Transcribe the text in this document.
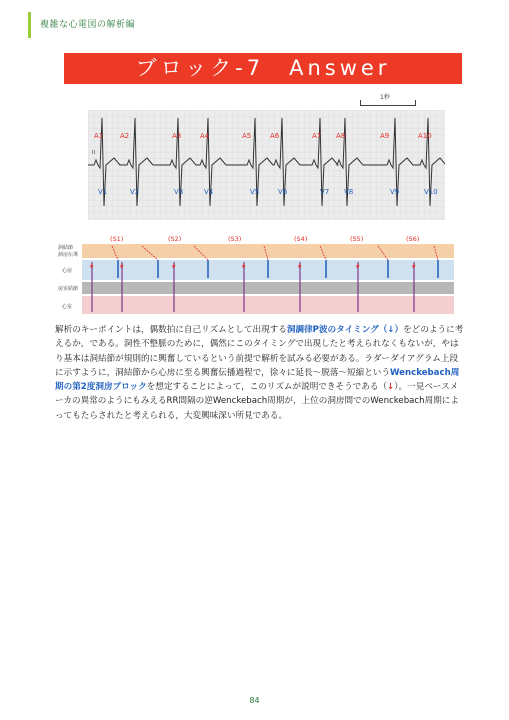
複雑な心電図の解析編
ブロック-7　Answer
1秒
A1 A2	A3	A4	A5	A6	A7 A8	A9	A10
V1	V2	V3	V4	V5	V6	V7 V8	V9	V10
II
洞結節
洞房伝導
心房
房室結節
心室
(S1)	(S2)	(S3)	(S4)	(S5)	(S6)
★	★	★	★	★	★	★
解析のキーポイントは，偶数拍に自己リズムとして出現する洞調律P波のタイミング（↓）をどのように考えるか，である。洞性不整脈のために，偶然にこのタイミングで出現したと考えられなくもないが，やはり基本は洞結節が規則的に興奮しているという前提で解析を試みる必要がある。ラダーダイアグラム上段に示すように，洞結節から心房に至る興奮伝播過程で，徐々に延長～脱落～短縮というWenckebach周期の第2度洞房ブロックを想定することによって，このリズムが説明できそうである（↓）。一見ペースメーカの異常のようにもみえるRR間隔の逆Wenckebach周期が，上位の洞房間でのWenckebach周期によってもたらされたと考えられる，大変興味深い所見である。
84
